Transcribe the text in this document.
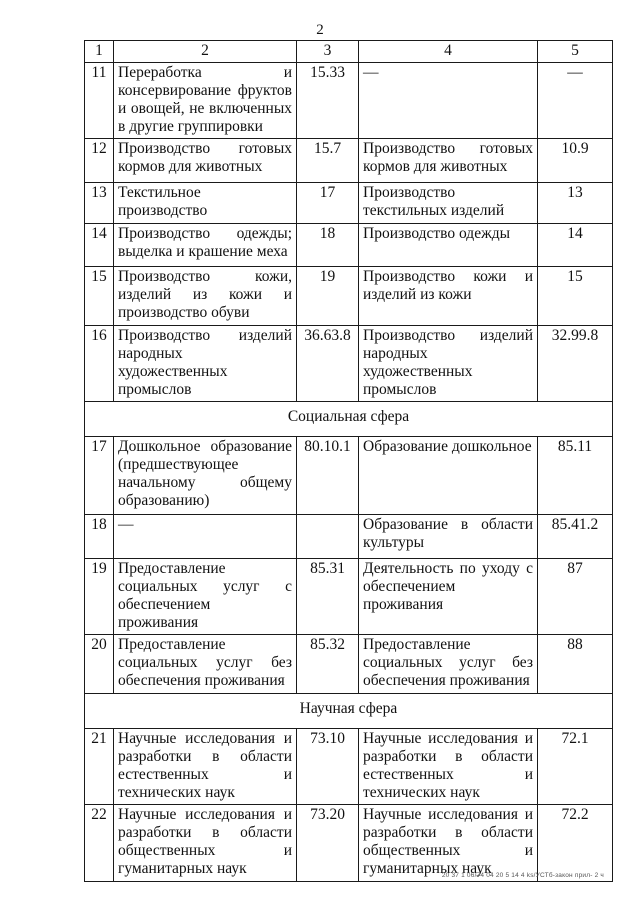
2
1	2	3	4	5
11	Переработка и консервирование фруктов и овощей, не включенных в другие группировки	15.33	—	—
12	Производство готовых кормов для животных	15.7	Производство готовых кормов для животных	10.9
13	Текстильное производство	17	Производство текстильных изделий	13
14	Производство одежды; выделка и крашение меха	18	Производство одежды	14
15	Производство кожи, изделий из кожи и производство обуви	19	Производство кожи и изделий из кожи	15
16	Производство изделий народных художественных промыслов	36.63.8	Производство изделий народных художественных промыслов	32.99.8
Социальная сфера				
17	Дошкольное образование (предшествующее начальному общему образованию)	80.10.1	Образование дошкольное	85.11
18	—		Образование в области культуры	85.41.2
19	Предоставление социальных услуг с обеспечением проживания	85.31	Деятельность по уходу с обеспечением проживания	87
20	Предоставление социальных услуг без обеспечения проживания	85.32	Предоставление социальных услуг без обеспечения проживания	88
Научная сфера				
21	Научные исследования и разработки в области естественных и технических наук	73.10	Научные исследования и разработки в области естественных и технических наук	72.1
22	Научные исследования и разработки в области общественных и гуманитарных наук	73.20	Научные исследования и разработки в области общественных и гуманитарных наук	72.2
20 37 1 06/74 04 20 5 14 4 ks/УСТб-закон прил- 2 ч
